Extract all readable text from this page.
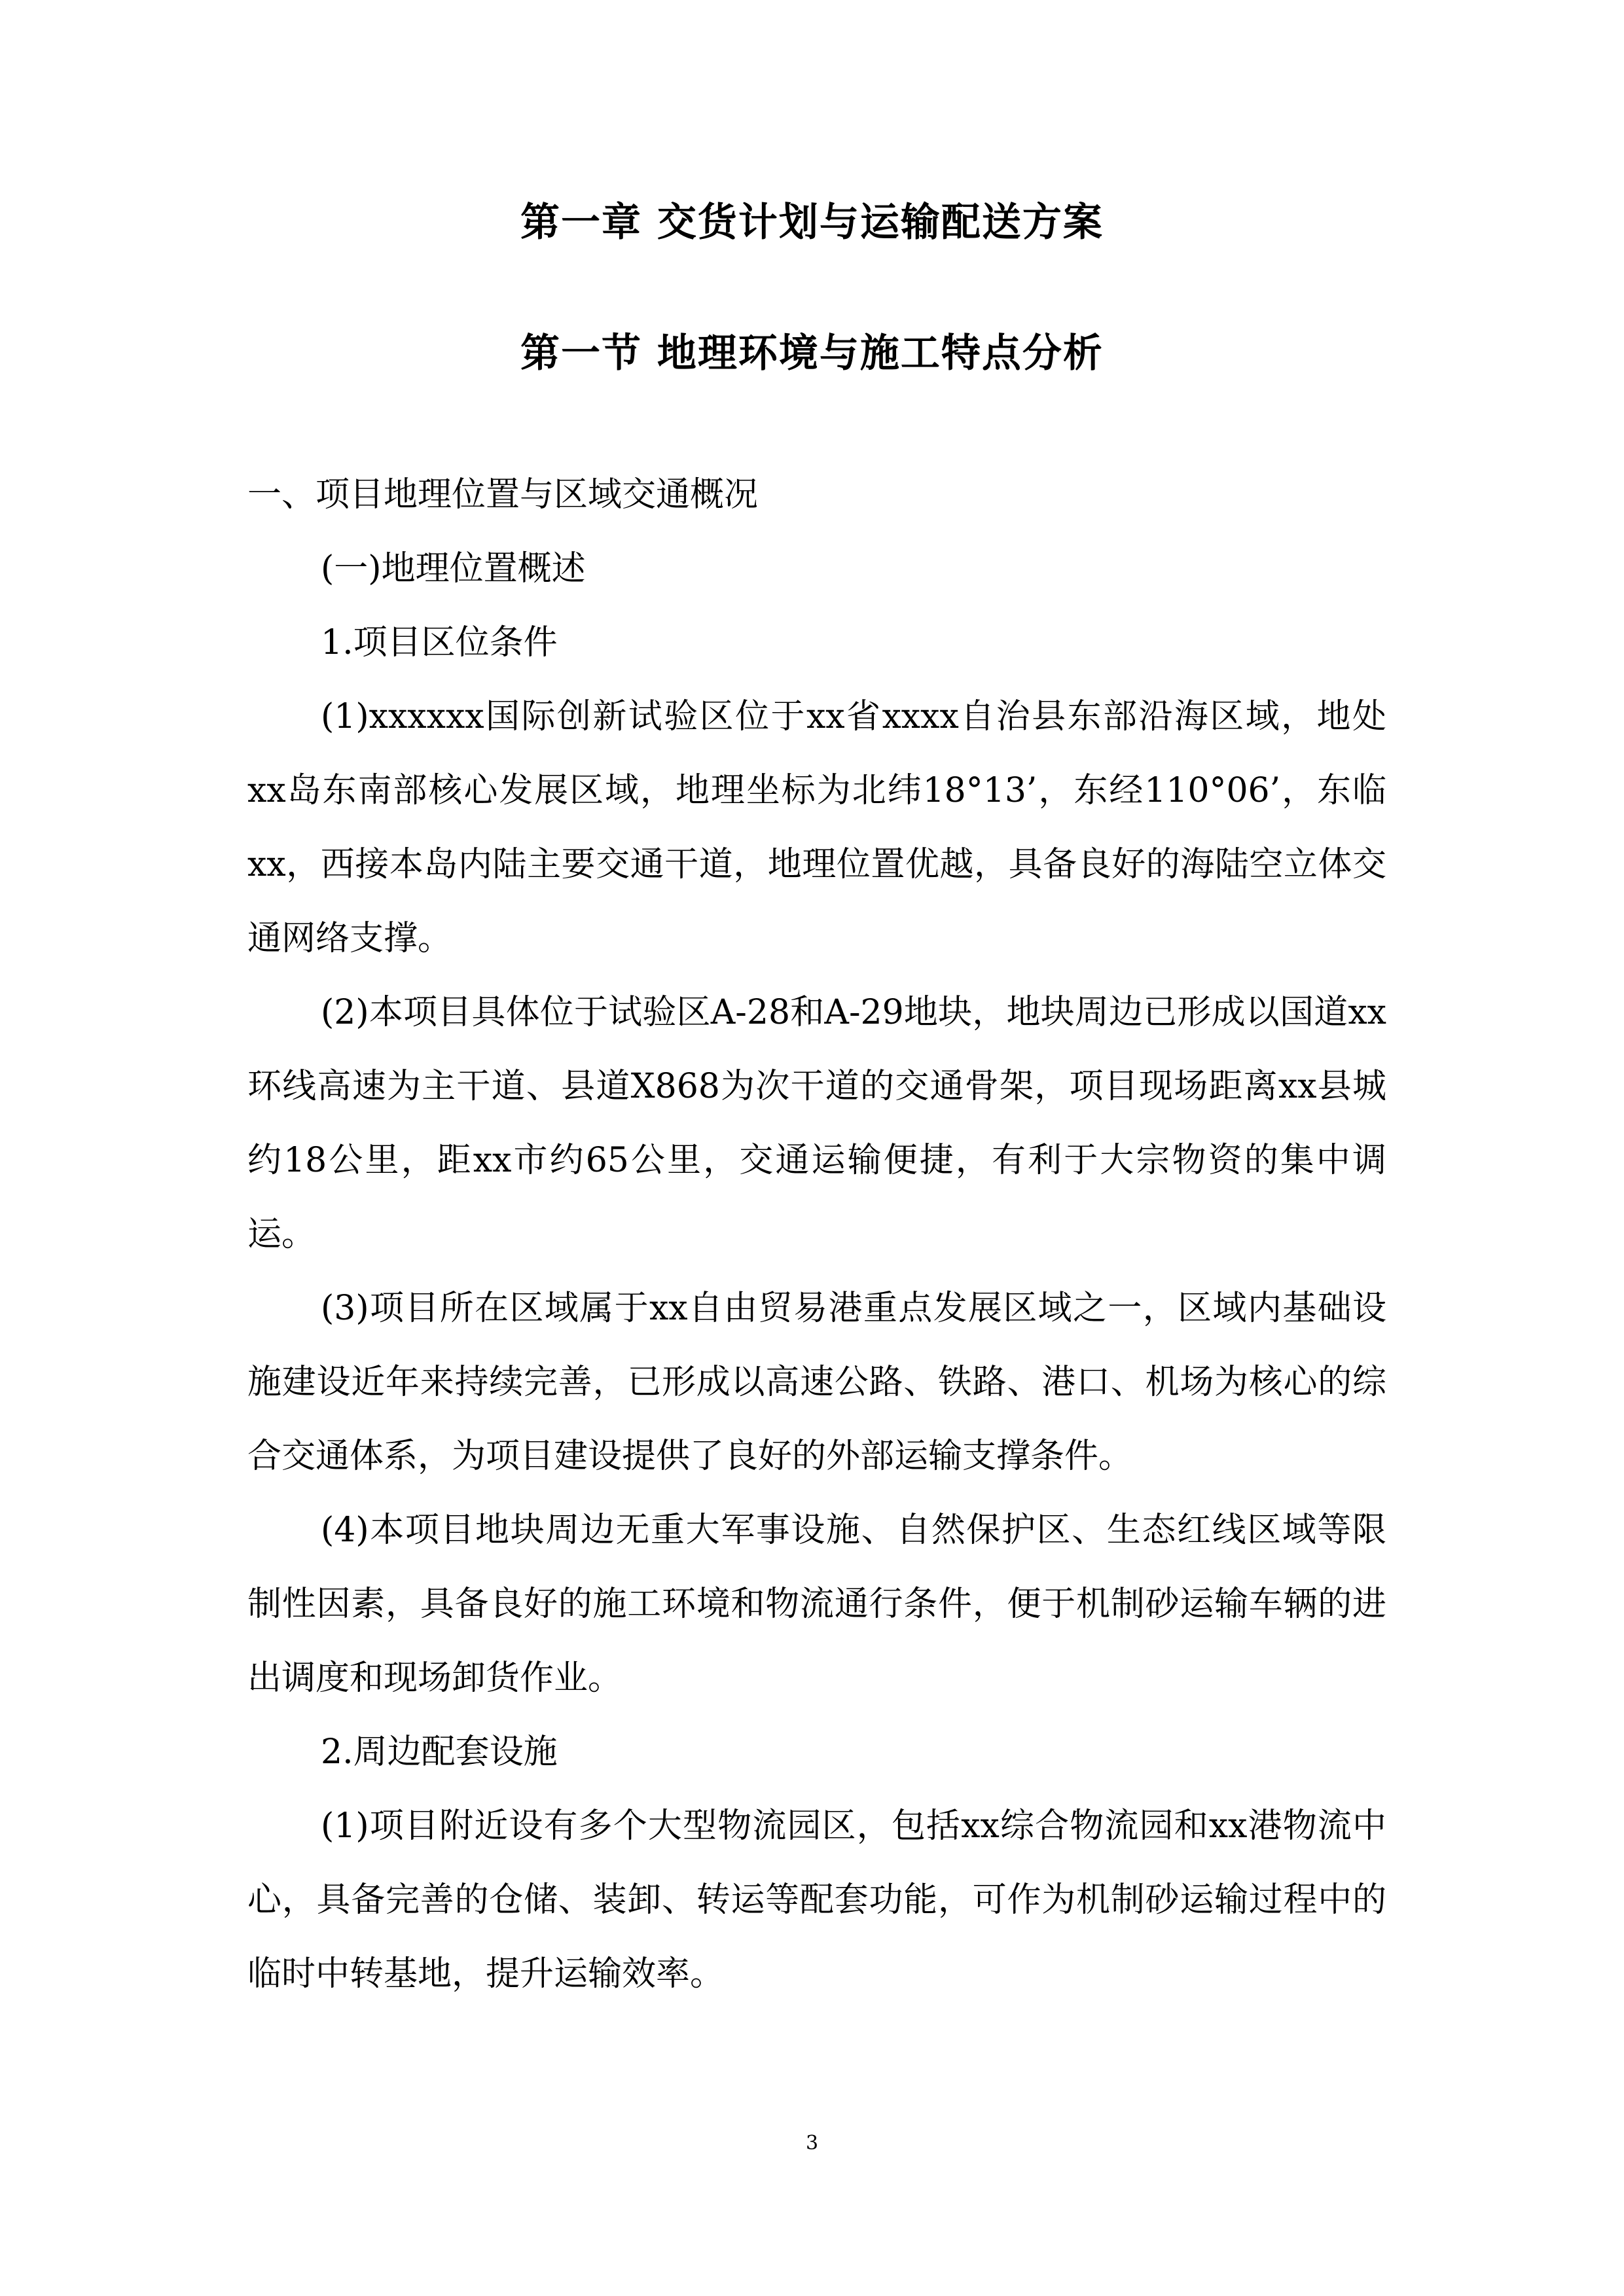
第一章 交货计划与运输配送方案
第一节 地理环境与施工特点分析

一、项目地理位置与区域交通概况

(一)地理位置概述

1.项目区位条件

(1)xxxxxx国际创新试验区位于xx省xxxx自治县东部沿海区域，地处xx岛东南部核心发展区域，地理坐标为北纬18°13’，东经110°06’，东临xx，西接本岛内陆主要交通干道，地理位置优越，具备良好的海陆空立体交通网络支撑。

(2)本项目具体位于试验区A-28和A-29地块，地块周边已形成以国道xx环线高速为主干道、县道X868为次干道的交通骨架，项目现场距离xx县城约18公里，距xx市约65公里，交通运输便捷，有利于大宗物资的集中调运。

(3)项目所在区域属于xx自由贸易港重点发展区域之一，区域内基础设施建设近年来持续完善，已形成以高速公路、铁路、港口、机场为核心的综合交通体系，为项目建设提供了良好的外部运输支撑条件。

(4)本项目地块周边无重大军事设施、自然保护区、生态红线区域等限制性因素，具备良好的施工环境和物流通行条件，便于机制砂运输车辆的进出调度和现场卸货作业。

2.周边配套设施

(1)项目附近设有多个大型物流园区，包括xx综合物流园和xx港物流中心，具备完善的仓储、装卸、转运等配套功能，可作为机制砂运输过程中的临时中转基地，提升运输效率。

3
